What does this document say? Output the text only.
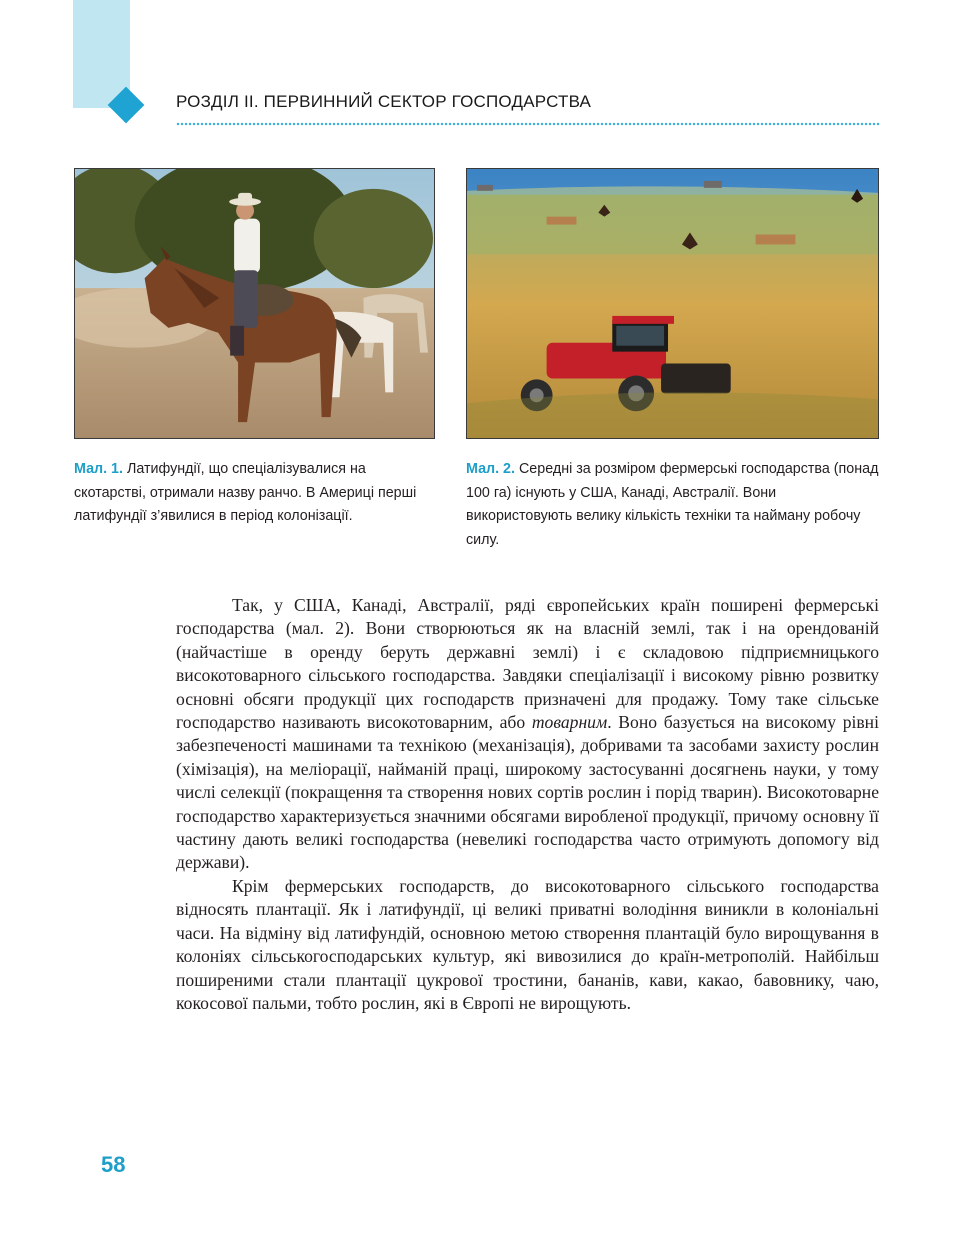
РОЗДІЛ ІІ. ПЕРВИННИЙ СЕКТОР ГОСПОДАРСТВА
Мал. 1. Латифундії, що спеціалізувалися на скотарстві, отримали назву ранчо. В Америці перші латифундії з’явилися в період колонізації.
Мал. 2. Середні за розміром фермерські господарства (понад 100 га) існують у США, Канаді, Австралії. Вони використовують велику кількість техніки та найману робочу силу.

Так, у США, Канаді, Австралії, ряді європейських країн поширені фермерські господарства (мал. 2). Вони створюються як на власній землі, так і на орендованій (найчастіше в оренду беруть державні землі) і є складовою підприємницького високотоварного сільського господарства. Завдяки спеціалізації і високому рівню розвитку основні обсяги продукції цих господарств призначені для продажу. Тому таке сільське господарство називають високотоварним, або товарним. Воно базується на високому рівні забезпеченості машинами та технікою (механізація), добривами та засобами захисту рослин (хімізація), на меліорації, найманій праці, широкому застосуванні досягнень науки, у тому числі селекції (покращення та створення нових сортів рослин і порід тварин). Високотоварне господарство характеризується значними обсягами виробленої продукції, причому основну її частину дають великі господарства (невеликі господарства часто отримують допомогу від держави).

Крім фермерських господарств, до високотоварного сільського господарства відносять плантації. Як і латифундії, ці великі приватні володіння виникли в колоніальні часи. На відміну від латифундій, основною метою створення плантацій було вирощування в колоніях сільськогосподарських культур, які вивозилися до країн-метрополій. Найбільш поширеними стали плантації цукрової тростини, бананів, кави, какао, бавовнику, чаю, кокосової пальми, тобто рослин, які в Європі не вирощують.

58
